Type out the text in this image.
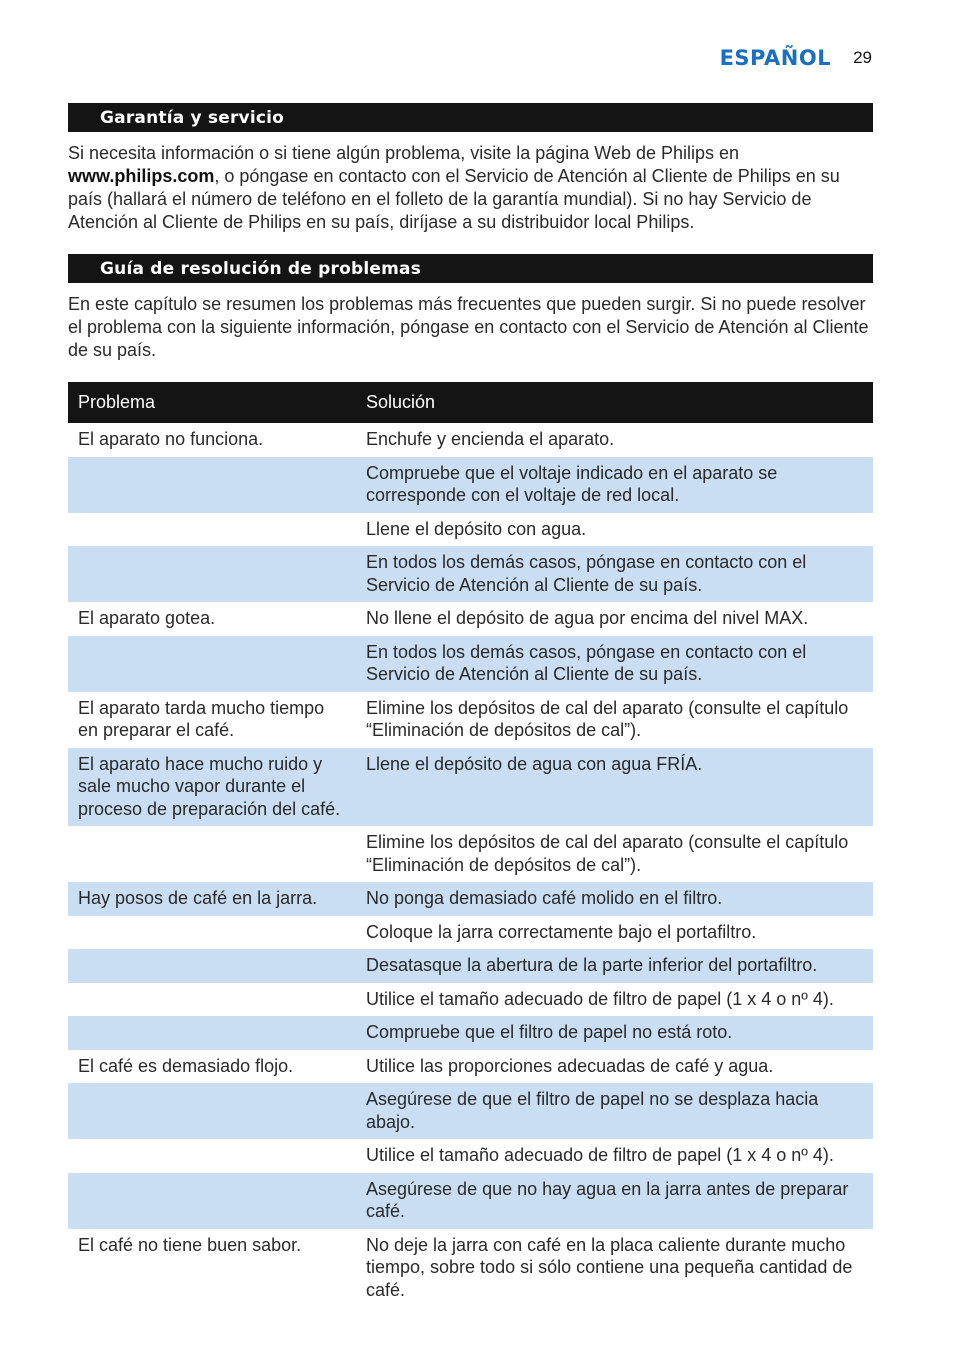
ESPAÑOL 29
Garantía y servicio

Si necesita información o si tiene algún problema, visite la página Web de Philips en www.philips.com, o póngase en contacto con el Servicio de Atención al Cliente de Philips en su país (hallará el número de teléfono en el folleto de la garantía mundial). Si no hay Servicio de Atención al Cliente de Philips en su país, diríjase a su distribuidor local Philips.

Guía de resolución de problemas

En este capítulo se resumen los problemas más frecuentes que pueden surgir. Si no puede resolver el problema con la siguiente información, póngase en contacto con el Servicio de Atención al Cliente de su país.

Problema	Solución
El aparato no funciona.	Enchufe y encienda el aparato.
	Compruebe que el voltaje indicado en el aparato se corresponde con el voltaje de red local.
	Llene el depósito con agua.
	En todos los demás casos, póngase en contacto con el Servicio de Atención al Cliente de su país.
El aparato gotea.	No llene el depósito de agua por encima del nivel MAX.
	En todos los demás casos, póngase en contacto con el Servicio de Atención al Cliente de su país.
El aparato tarda mucho tiempo en preparar el café.	Elimine los depósitos de cal del aparato (consulte el capítulo “Eliminación de depósitos de cal”).
El aparato hace mucho ruido y sale mucho vapor durante el proceso de preparación del café.	Llene el depósito de agua con agua FRÍA.
	Elimine los depósitos de cal del aparato (consulte el capítulo “Eliminación de depósitos de cal”).
Hay posos de café en la jarra.	No ponga demasiado café molido en el filtro.
	Coloque la jarra correctamente bajo el portafiltro.
	Desatasque la abertura de la parte inferior del portafiltro.
	Utilice el tamaño adecuado de filtro de papel (1 x 4 o nº 4).
	Compruebe que el filtro de papel no está roto.
El café es demasiado flojo.	Utilice las proporciones adecuadas de café y agua.
	Asegúrese de que el filtro de papel no se desplaza hacia abajo.
	Utilice el tamaño adecuado de filtro de papel (1 x 4 o nº 4).
	Asegúrese de que no hay agua en la jarra antes de preparar café.
El café no tiene buen sabor.	No deje la jarra con café en la placa caliente durante mucho tiempo, sobre todo si sólo contiene una pequeña cantidad de café.
